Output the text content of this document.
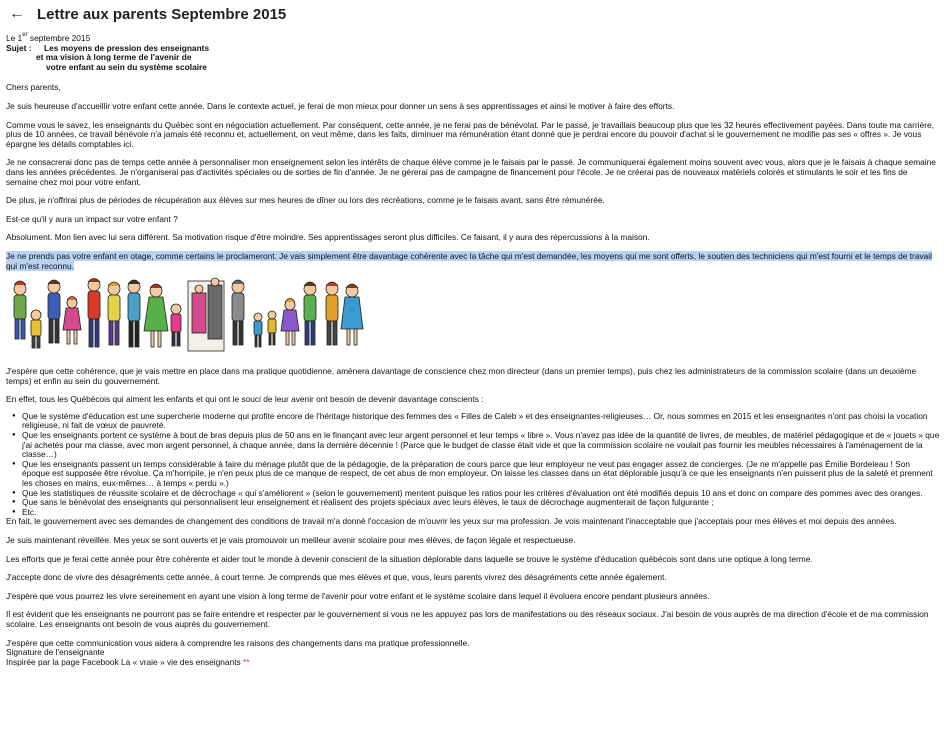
← Lettre aux parents Septembre 2015

Le 1er septembre 2015

Sujet :	Les moyens de pression des enseignants
et ma vision à long terme de l'avenir de
votre enfant au sein du système scolaire

Chers parents,

Je suis heureuse d'accueillir votre enfant cette année. Dans le contexte actuel, je ferai de mon mieux pour donner un sens à ses apprentissages et ainsi le motiver à faire des efforts.

Comme vous le savez, les enseignants du Québec sont en négociation actuellement. Par conséquent, cette année, je ne ferai pas de bénévolat. Par le passé, je travaillais beaucoup plus que les 32 heures effectivement payées. Dans toute ma carrière, plus de 10 années, ce travail bénévole n'a jamais été reconnu et, actuellement, on veut même, dans les faits, diminuer ma rémunération étant donné que je perdrai encore du pouvoir d'achat si le gouvernement ne modifie pas ses « offres ». Je vous épargne les détails comptables ici.

Je ne consacrerai donc pas de temps cette année à personnaliser mon enseignement selon les intérêts de chaque élève comme je le faisais par le passé. Je communiquerai également moins souvent avec vous, alors que je le faisais à chaque semaine dans les années précédentes. Je n'organiserai pas d'activités spéciales ou de sorties de fin d'année. Je ne gérerai pas de campagne de financement pour l'école. Je ne créerai pas de nouveaux matériels colorés et stimulants le soir et les fins de semaine chez moi pour votre enfant.

De plus, je n'offrirai plus de périodes de récupération aux élèves sur mes heures de dîner ou lors des récréations, comme je le faisais avant, sans être rémunérée.

Est-ce qu'il y aura un impact sur votre enfant ?

Absolument. Mon lien avec lui sera différent. Sa motivation risque d'être moindre. Ses apprentissages seront plus difficiles. Ce faisant, il y aura des répercussions à la maison.

Je ne prends pas votre enfant en otage, comme certains le proclameront. Je vais simplement être davantage cohérente avec la tâche qui m'est demandée, les moyens qui me sont offerts, le soutien des techniciens qui m'est fourni et le temps de travail qui m'est reconnu.

J'espère que cette cohérence, que je vais mettre en place dans ma pratique quotidienne, amènera davantage de conscience chez mon directeur (dans un premier temps), puis chez les administrateurs de la commission scolaire (dans un deuxième temps) et enfin au sein du gouvernement.

En effet, tous les Québécois qui aiment les enfants et qui ont le souci de leur avenir ont besoin de devenir davantage conscients :

● Que le système d'éducation est une supercherie moderne qui profite encore de l'héritage historique des femmes des « Filles de Caleb » et des enseignantes-religieuses… Or, nous sommes en 2015 et les enseignantes n'ont pas choisi la vocation religieuse, ni fait de vœux de pauvreté.
● Que les enseignants portent ce système à bout de bras depuis plus de 50 ans en le finançant avec leur argent personnel et leur temps « libre ». Vous n'avez pas idée de la quantité de livres, de meubles, de matériel pédagogique et de « jouets » que j'ai achetés pour ma classe, avec mon argent personnel, à chaque année, dans la dernière décennie ! (Parce que le budget de classe était vide et que la commission scolaire ne voulait pas fournir les meubles nécessaires à l'aménagement de la classe…)
● Que les enseignants passent un temps considérable à faire du ménage plutôt que de la pédagogie, de la préparation de cours parce que leur employeur ne veut pas engager assez de concierges. (Je ne m'appelle pas Émilie Bordeleau ! Son époque est supposée être révolue. Ça m'horripile, je n'en peux plus de ce manque de respect, de cet abus de mon employeur. On laisse les classes dans un état déplorable jusqu'à ce que les enseignants n'en puissent plus de la saleté et prennent les choses en mains, eux-mêmes… à temps « perdu ».)
● Que les statistiques de réussite scolaire et de décrochage « qui s'améliorent » (selon le gouvernement) mentent puisque les ratios pour les critères d'évaluation ont été modifiés depuis 10 ans et donc on compare des pommes avec des oranges.
● Que sans le bénévolat des enseignants qui personnalisent leur enseignement et réalisent des projets spéciaux avec leurs élèves, le taux de décrochage augmenterait de façon fulgurante ;
● Etc.

En fait, le gouvernement avec ses demandes de changement des conditions de travail m'a donné l'occasion de m'ouvrir les yeux sur ma profession. Je vois maintenant l'inacceptable que j'acceptais pour mes élèves et moi depuis des années.

Je suis maintenant réveillée. Mes yeux se sont ouverts et je vais promouvoir un meilleur avenir scolaire pour mes élèves, de façon légale et respectueuse.

Les efforts que je ferai cette année pour être cohérente et aider tout le monde à devenir conscient de la situation déplorable dans laquelle se trouve le système d'éducation québécois sont dans une optique à long terme.

J'accepte donc de vivre des désagréments cette année, à court terme. Je comprends que mes élèves et que, vous, leurs parents vivrez des désagréments cette année également.

J'espère que vous pourrez les vivre sereinement en ayant une vision à long terme de l'avenir pour votre enfant et le système scolaire dans lequel il évoluera encore pendant plusieurs années.

Il est évident que les enseignants ne pourront pas se faire entendre et respecter par le gouvernement si vous ne les appuyez pas lors de manifestations ou des réseaux sociaux. J'ai besoin de vous auprès de ma direction d'école et de ma commission scolaire. Les enseignants ont besoin de vous auprès du gouvernement.

J'espère que cette communication vous aidera à comprendre les raisons des changements dans ma pratique professionnelle.

Signature de l'enseignante

Inspirée par la page Facebook La « vraie » vie des enseignants **
